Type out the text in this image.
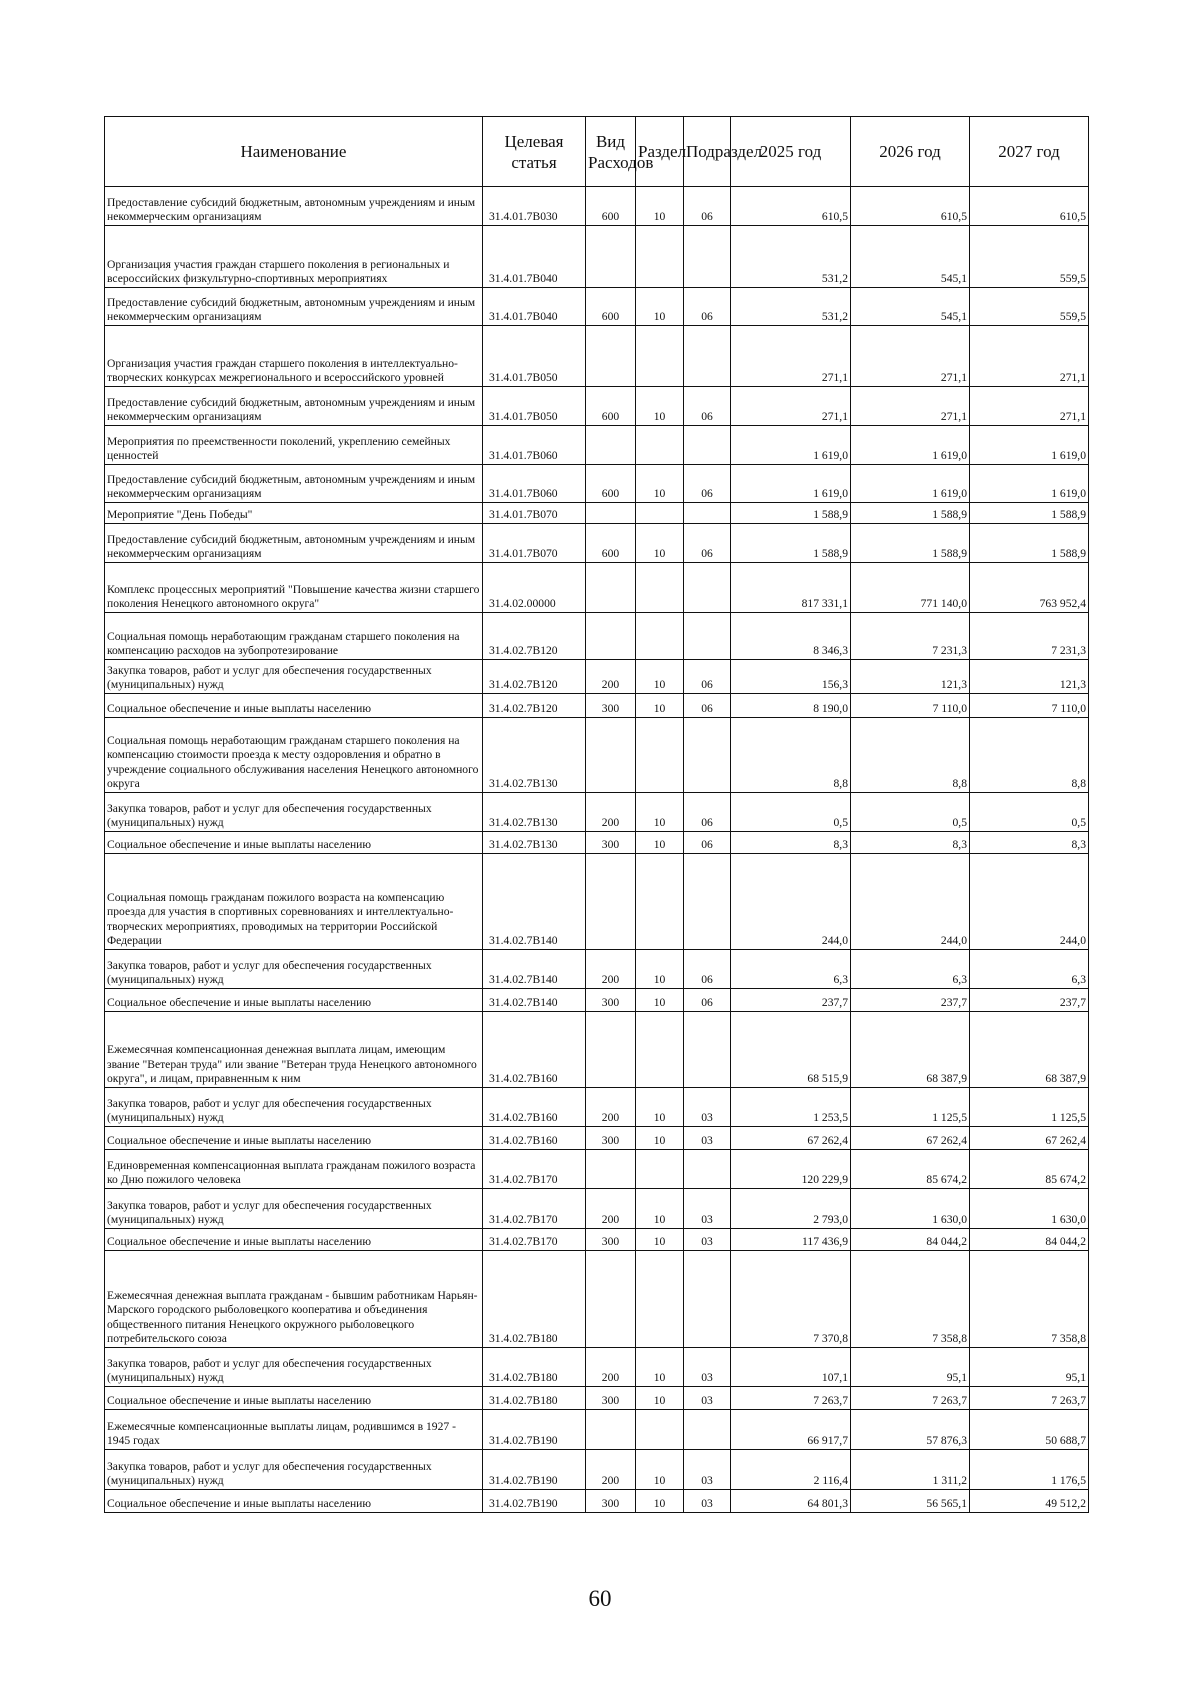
Наименование	Целевая статья	Вид Расходов	Раздел	Подраздел	2025 год	2026 год	2027 год
Предоставление субсидий бюджетным, автономным учреждениям и иным некоммерческим организациям	31.4.01.7В030	600	10	06	610,5	610,5	610,5
Организация участия граждан старшего поколения в региональных и всероссийских физкультурно-спортивных мероприятиях	31.4.01.7В040				531,2	545,1	559,5
Предоставление субсидий бюджетным, автономным учреждениям и иным некоммерческим организациям	31.4.01.7В040	600	10	06	531,2	545,1	559,5
Организация участия граждан старшего поколения в интеллектуально-творческих конкурсах межрегионального и всероссийского уровней	31.4.01.7В050				271,1	271,1	271,1
Предоставление субсидий бюджетным, автономным учреждениям и иным некоммерческим организациям	31.4.01.7В050	600	10	06	271,1	271,1	271,1
Мероприятия по преемственности поколений, укреплению семейных ценностей	31.4.01.7В060				1 619,0	1 619,0	1 619,0
Предоставление субсидий бюджетным, автономным учреждениям и иным некоммерческим организациям	31.4.01.7В060	600	10	06	1 619,0	1 619,0	1 619,0
Мероприятие "День Победы"	31.4.01.7В070				1 588,9	1 588,9	1 588,9
Предоставление субсидий бюджетным, автономным учреждениям и иным некоммерческим организациям	31.4.01.7В070	600	10	06	1 588,9	1 588,9	1 588,9
Комплекс процессных мероприятий "Повышение качества жизни старшего поколения Ненецкого автономного округа"	31.4.02.00000				817 331,1	771 140,0	763 952,4
Социальная помощь неработающим гражданам старшего поколения на компенсацию расходов на зубопротезирование	31.4.02.7В120				8 346,3	7 231,3	7 231,3
Закупка товаров, работ и услуг для обеспечения государственных (муниципальных) нужд	31.4.02.7В120	200	10	06	156,3	121,3	121,3
Социальное обеспечение и иные выплаты населению	31.4.02.7В120	300	10	06	8 190,0	7 110,0	7 110,0
Социальная помощь неработающим гражданам старшего поколения на компенсацию стоимости проезда к месту оздоровления и обратно в учреждение социального обслуживания населения Ненецкого автономного округа	31.4.02.7В130				8,8	8,8	8,8
Закупка товаров, работ и услуг для обеспечения государственных (муниципальных) нужд	31.4.02.7В130	200	10	06	0,5	0,5	0,5
Социальное обеспечение и иные выплаты населению	31.4.02.7В130	300	10	06	8,3	8,3	8,3
Социальная помощь гражданам пожилого возраста на компенсацию проезда для участия в спортивных соревнованиях и интеллектуально-творческих мероприятиях, проводимых на территории Российской Федерации	31.4.02.7В140				244,0	244,0	244,0
Закупка товаров, работ и услуг для обеспечения государственных (муниципальных) нужд	31.4.02.7В140	200	10	06	6,3	6,3	6,3
Социальное обеспечение и иные выплаты населению	31.4.02.7В140	300	10	06	237,7	237,7	237,7
Ежемесячная компенсационная денежная выплата лицам, имеющим звание "Ветеран труда" или звание "Ветеран труда Ненецкого автономного округа", и лицам, приравненным к ним	31.4.02.7В160				68 515,9	68 387,9	68 387,9
Закупка товаров, работ и услуг для обеспечения государственных (муниципальных) нужд	31.4.02.7В160	200	10	03	1 253,5	1 125,5	1 125,5
Социальное обеспечение и иные выплаты населению	31.4.02.7В160	300	10	03	67 262,4	67 262,4	67 262,4
Единовременная компенсационная выплата гражданам пожилого возраста ко Дню пожилого человека	31.4.02.7В170				120 229,9	85 674,2	85 674,2
Закупка товаров, работ и услуг для обеспечения государственных (муниципальных) нужд	31.4.02.7В170	200	10	03	2 793,0	1 630,0	1 630,0
Социальное обеспечение и иные выплаты населению	31.4.02.7В170	300	10	03	117 436,9	84 044,2	84 044,2
Ежемесячная денежная выплата гражданам - бывшим работникам Нарьян-Марского городского рыболовецкого кооператива и объединения общественного питания Ненецкого окружного рыболовецкого потребительского союза	31.4.02.7В180				7 370,8	7 358,8	7 358,8
Закупка товаров, работ и услуг для обеспечения государственных (муниципальных) нужд	31.4.02.7В180	200	10	03	107,1	95,1	95,1
Социальное обеспечение и иные выплаты населению	31.4.02.7В180	300	10	03	7 263,7	7 263,7	7 263,7
Ежемесячные компенсационные выплаты лицам, родившимся в 1927 - 1945 годах	31.4.02.7В190				66 917,7	57 876,3	50 688,7
Закупка товаров, работ и услуг для обеспечения государственных (муниципальных) нужд	31.4.02.7В190	200	10	03	2 116,4	1 311,2	1 176,5
Социальное обеспечение и иные выплаты населению	31.4.02.7В190	300	10	03	64 801,3	56 565,1	49 512,2
60
